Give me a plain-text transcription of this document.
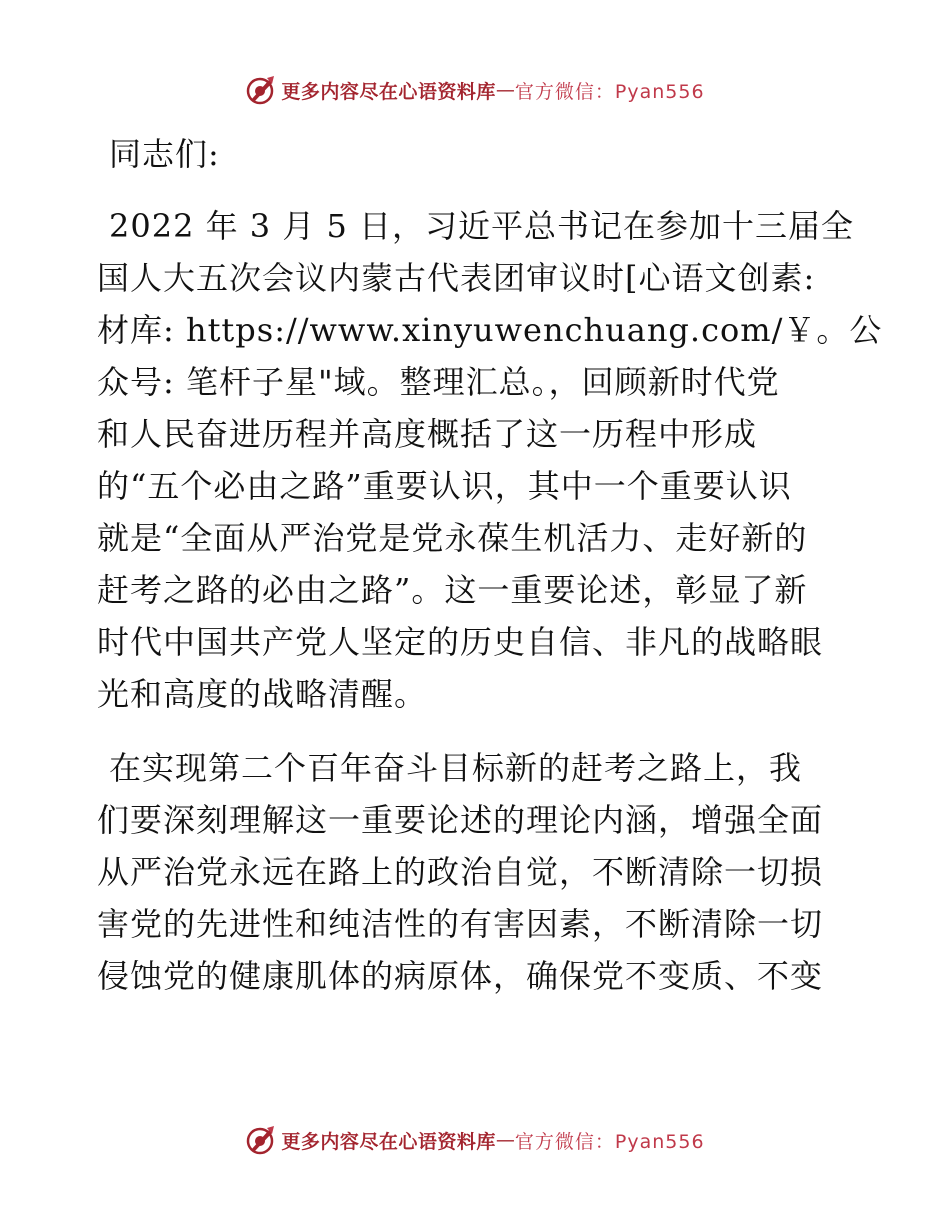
更多内容尽在心语资料库 — 官方微信：Pyan556

同志们:

2022 年 3 月 5 日，习近平总书记在参加十三届全
国人大五次会议内蒙古代表团审议时[心语文创素:
材库: https://www.xinyuwenchuang.com/￥。公
众号: 笔杆子星"域。整理汇总。，回顾新时代党
和人民奋进历程并高度概括了这一历程中形成
的“五个必由之路”重要认识，其中一个重要认识
就是“全面从严治党是党永葆生机活力、走好新的
赶考之路的必由之路”。这一重要论述，彰显了新
时代中国共产党人坚定的历史自信、非凡的战略眼
光和高度的战略清醒。

在实现第二个百年奋斗目标新的赶考之路上，我
们要深刻理解这一重要论述的理论内涵，增强全面
从严治党永远在路上的政治自觉，不断清除一切损
害党的先进性和纯洁性的有害因素，不断清除一切
侵蚀党的健康肌体的病原体，确保党不变质、不变

更多内容尽在心语资料库 — 官方微信：Pyan556
